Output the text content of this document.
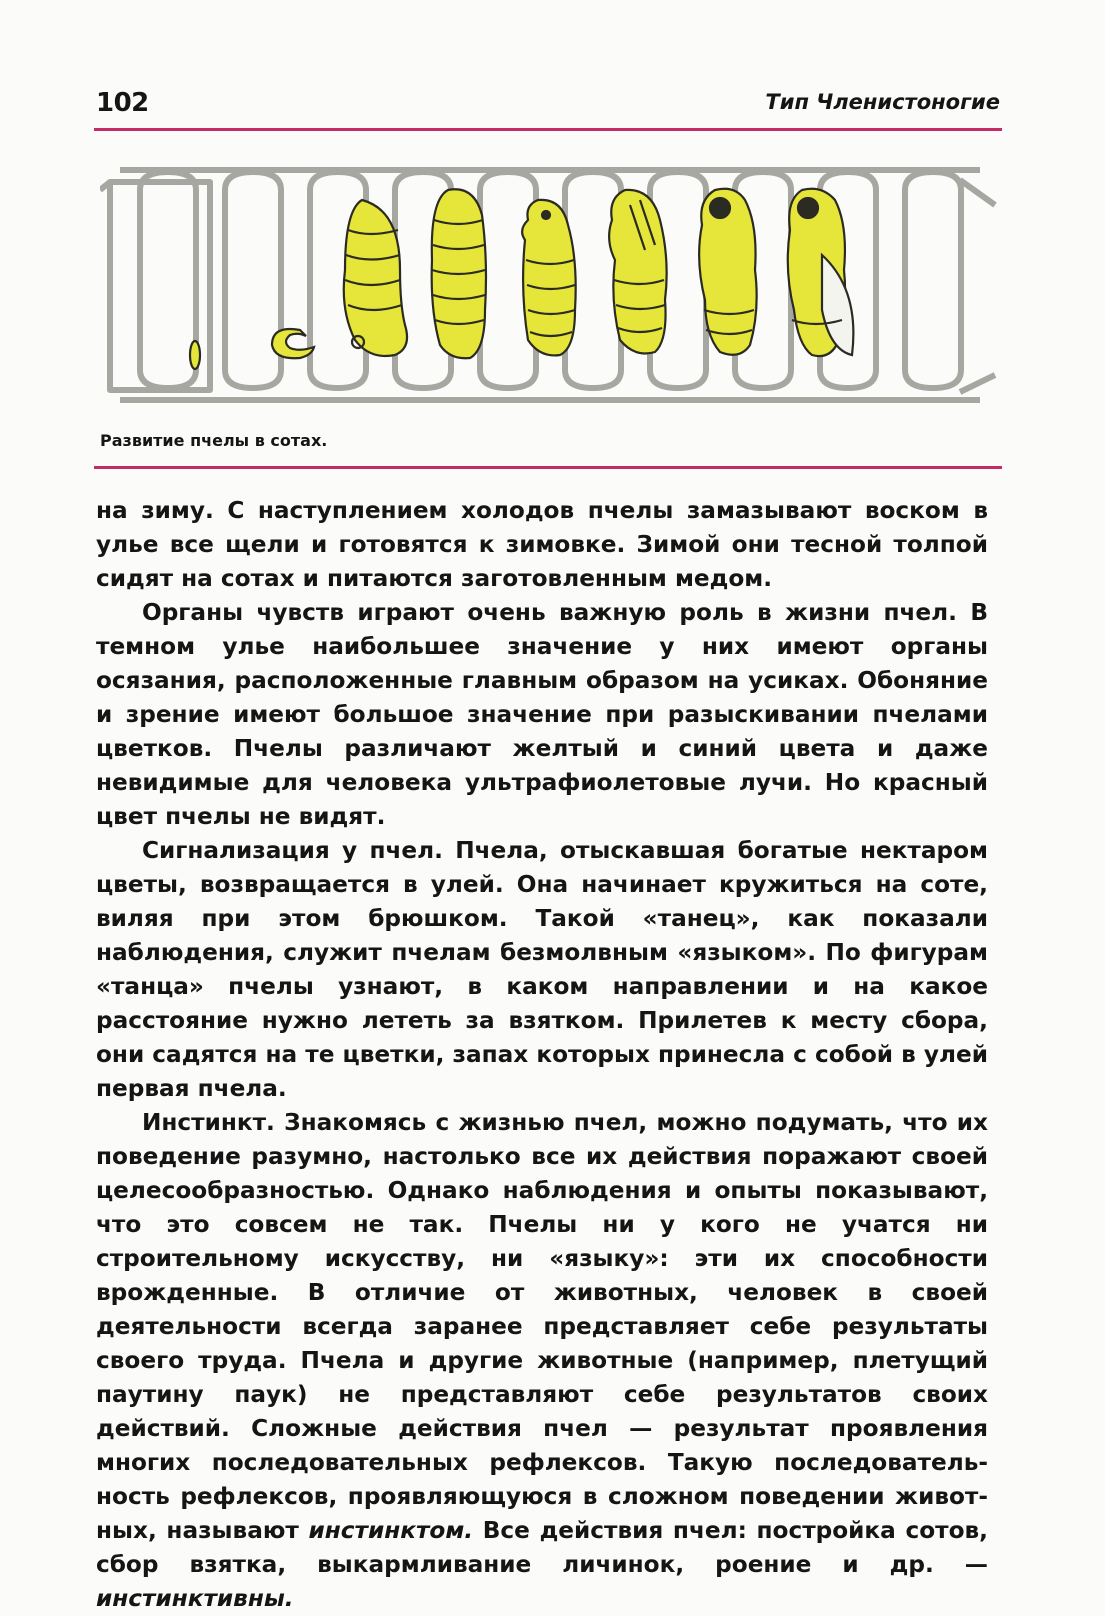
102	Тип Членистоногие
Развитие пчелы в сотах.

на зиму. С наступлением холодов пчелы замазывают воском в улье все щели и готовятся к зимовке. Зимой они тесной толпой сидят на сотах и питаются заготовленным медом.

Органы чувств играют очень важную роль в жизни пчел. В темном улье наибольшее значение у них имеют органы осязания, расположенные главным образом на усиках. Обоняние и зрение имеют большое значение при разыскивании пчелами цветков. Пчелы различают желтый и синий цвета и даже невидимые для человека ультрафиолетовые лучи. Но красный цвет пчелы не видят.

Сигнализация у пчел. Пчела, отыскавшая богатые нектаром цветы, возвращается в улей. Она начинает кружиться на соте, виляя при этом брюшком. Такой «танец», как показали наблюдения, служит пчелам безмолвным «языком». По фигурам «танца» пчелы узнают, в каком направлении и на какое расстояние нужно лететь за взятком. Прилетев к месту сбора, они садятся на те цветки, запах которых принесла с собой в улей первая пчела.

Инстинкт. Знакомясь с жизнью пчел, можно подумать, что их поведение разумно, настолько все их действия поражают своей целесообразностью. Однако наблюдения и опыты показывают, что это совсем не так. Пчелы ни у кого не учатся ни строительному искусству, ни «языку»: эти их способности врожденные. В отличие от животных, человек в своей деятельности всегда заранее представляет себе результаты своего труда. Пчела и другие животные (например, плетущий паутину паук) не представляют себе результатов своих действий. Сложные действия пчел — результат проявления многих последовательных рефлексов. Такую последовательность рефлексов, проявляющуюся в сложном поведении животных, называют инстинктом. Все действия пчел: постройка сотов, сбор взятка, выкармливание личинок, роение и др. — инстинктивны.
